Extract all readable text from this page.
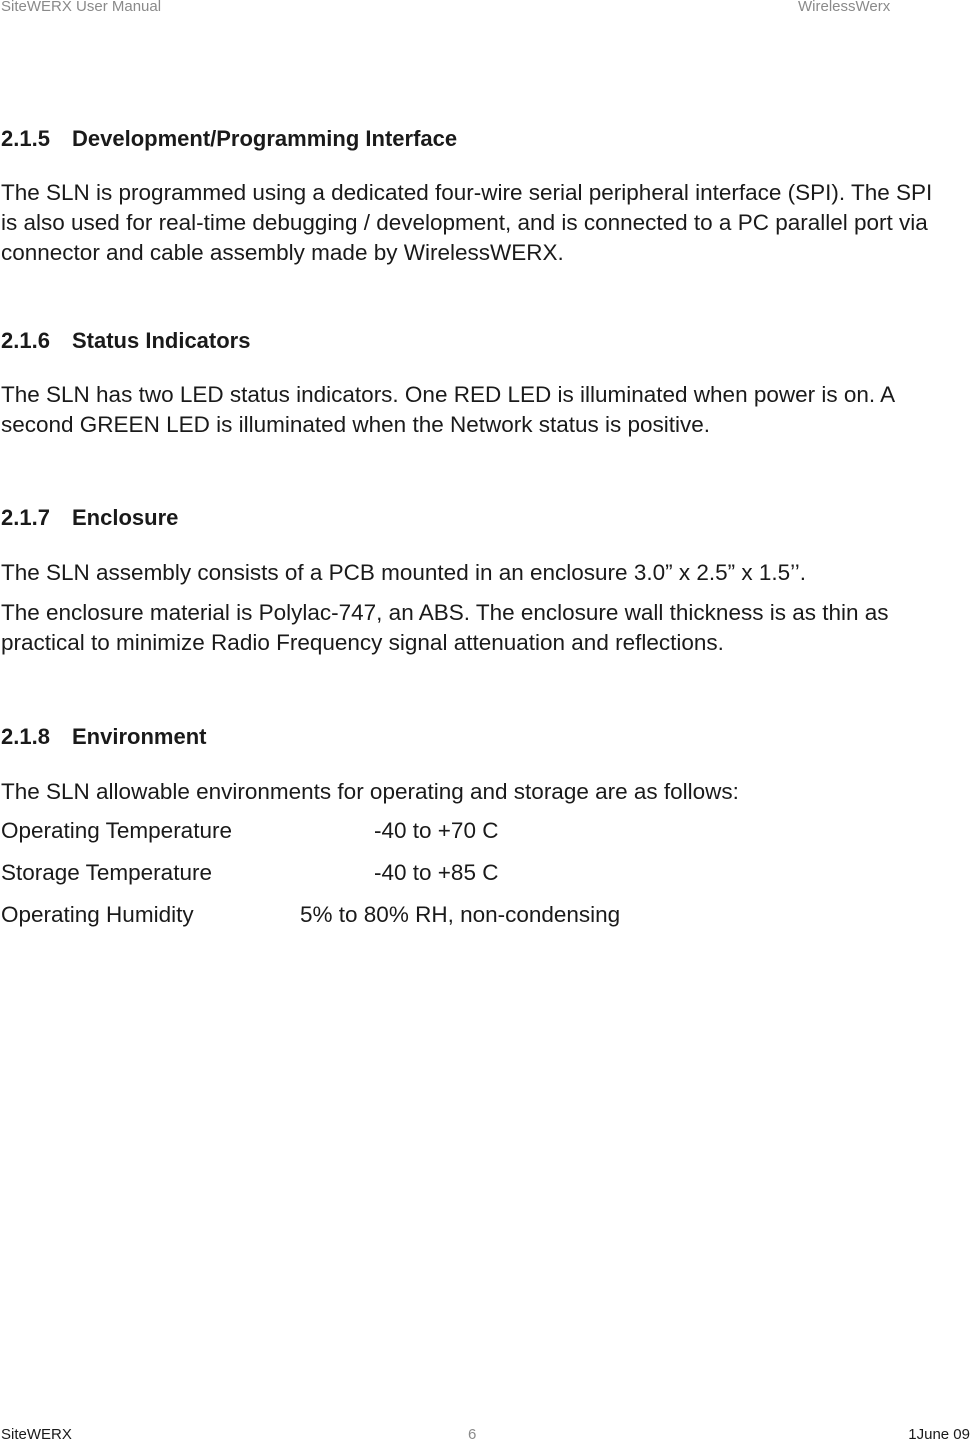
SiteWERX User Manual	WirelessWerx
2.1.5 Development/Programming Interface

The SLN is programmed using a dedicated four-wire serial peripheral interface (SPI). The SPI is also used for real-time debugging / development, and is connected to a PC parallel port via connector and cable assembly made by WirelessWERX.

2.1.6 Status Indicators

The SLN has two LED status indicators. One RED LED is illuminated when power is on. A second GREEN LED is illuminated when the Network status is positive.

2.1.7 Enclosure

The SLN assembly consists of a PCB mounted in an enclosure 3.0” x 2.5” x 1.5’’.

The enclosure material is Polylac-747, an ABS. The enclosure wall thickness is as thin as practical to minimize Radio Frequency signal attenuation and reflections.

2.1.8 Environment

The SLN allowable environments for operating and storage are as follows:

Operating Temperature	-40 to +70 C
Storage Temperature	-40 to +85 C
Operating Humidity	5% to 80% RH, non-condensing
SiteWERX	6	1June 09
